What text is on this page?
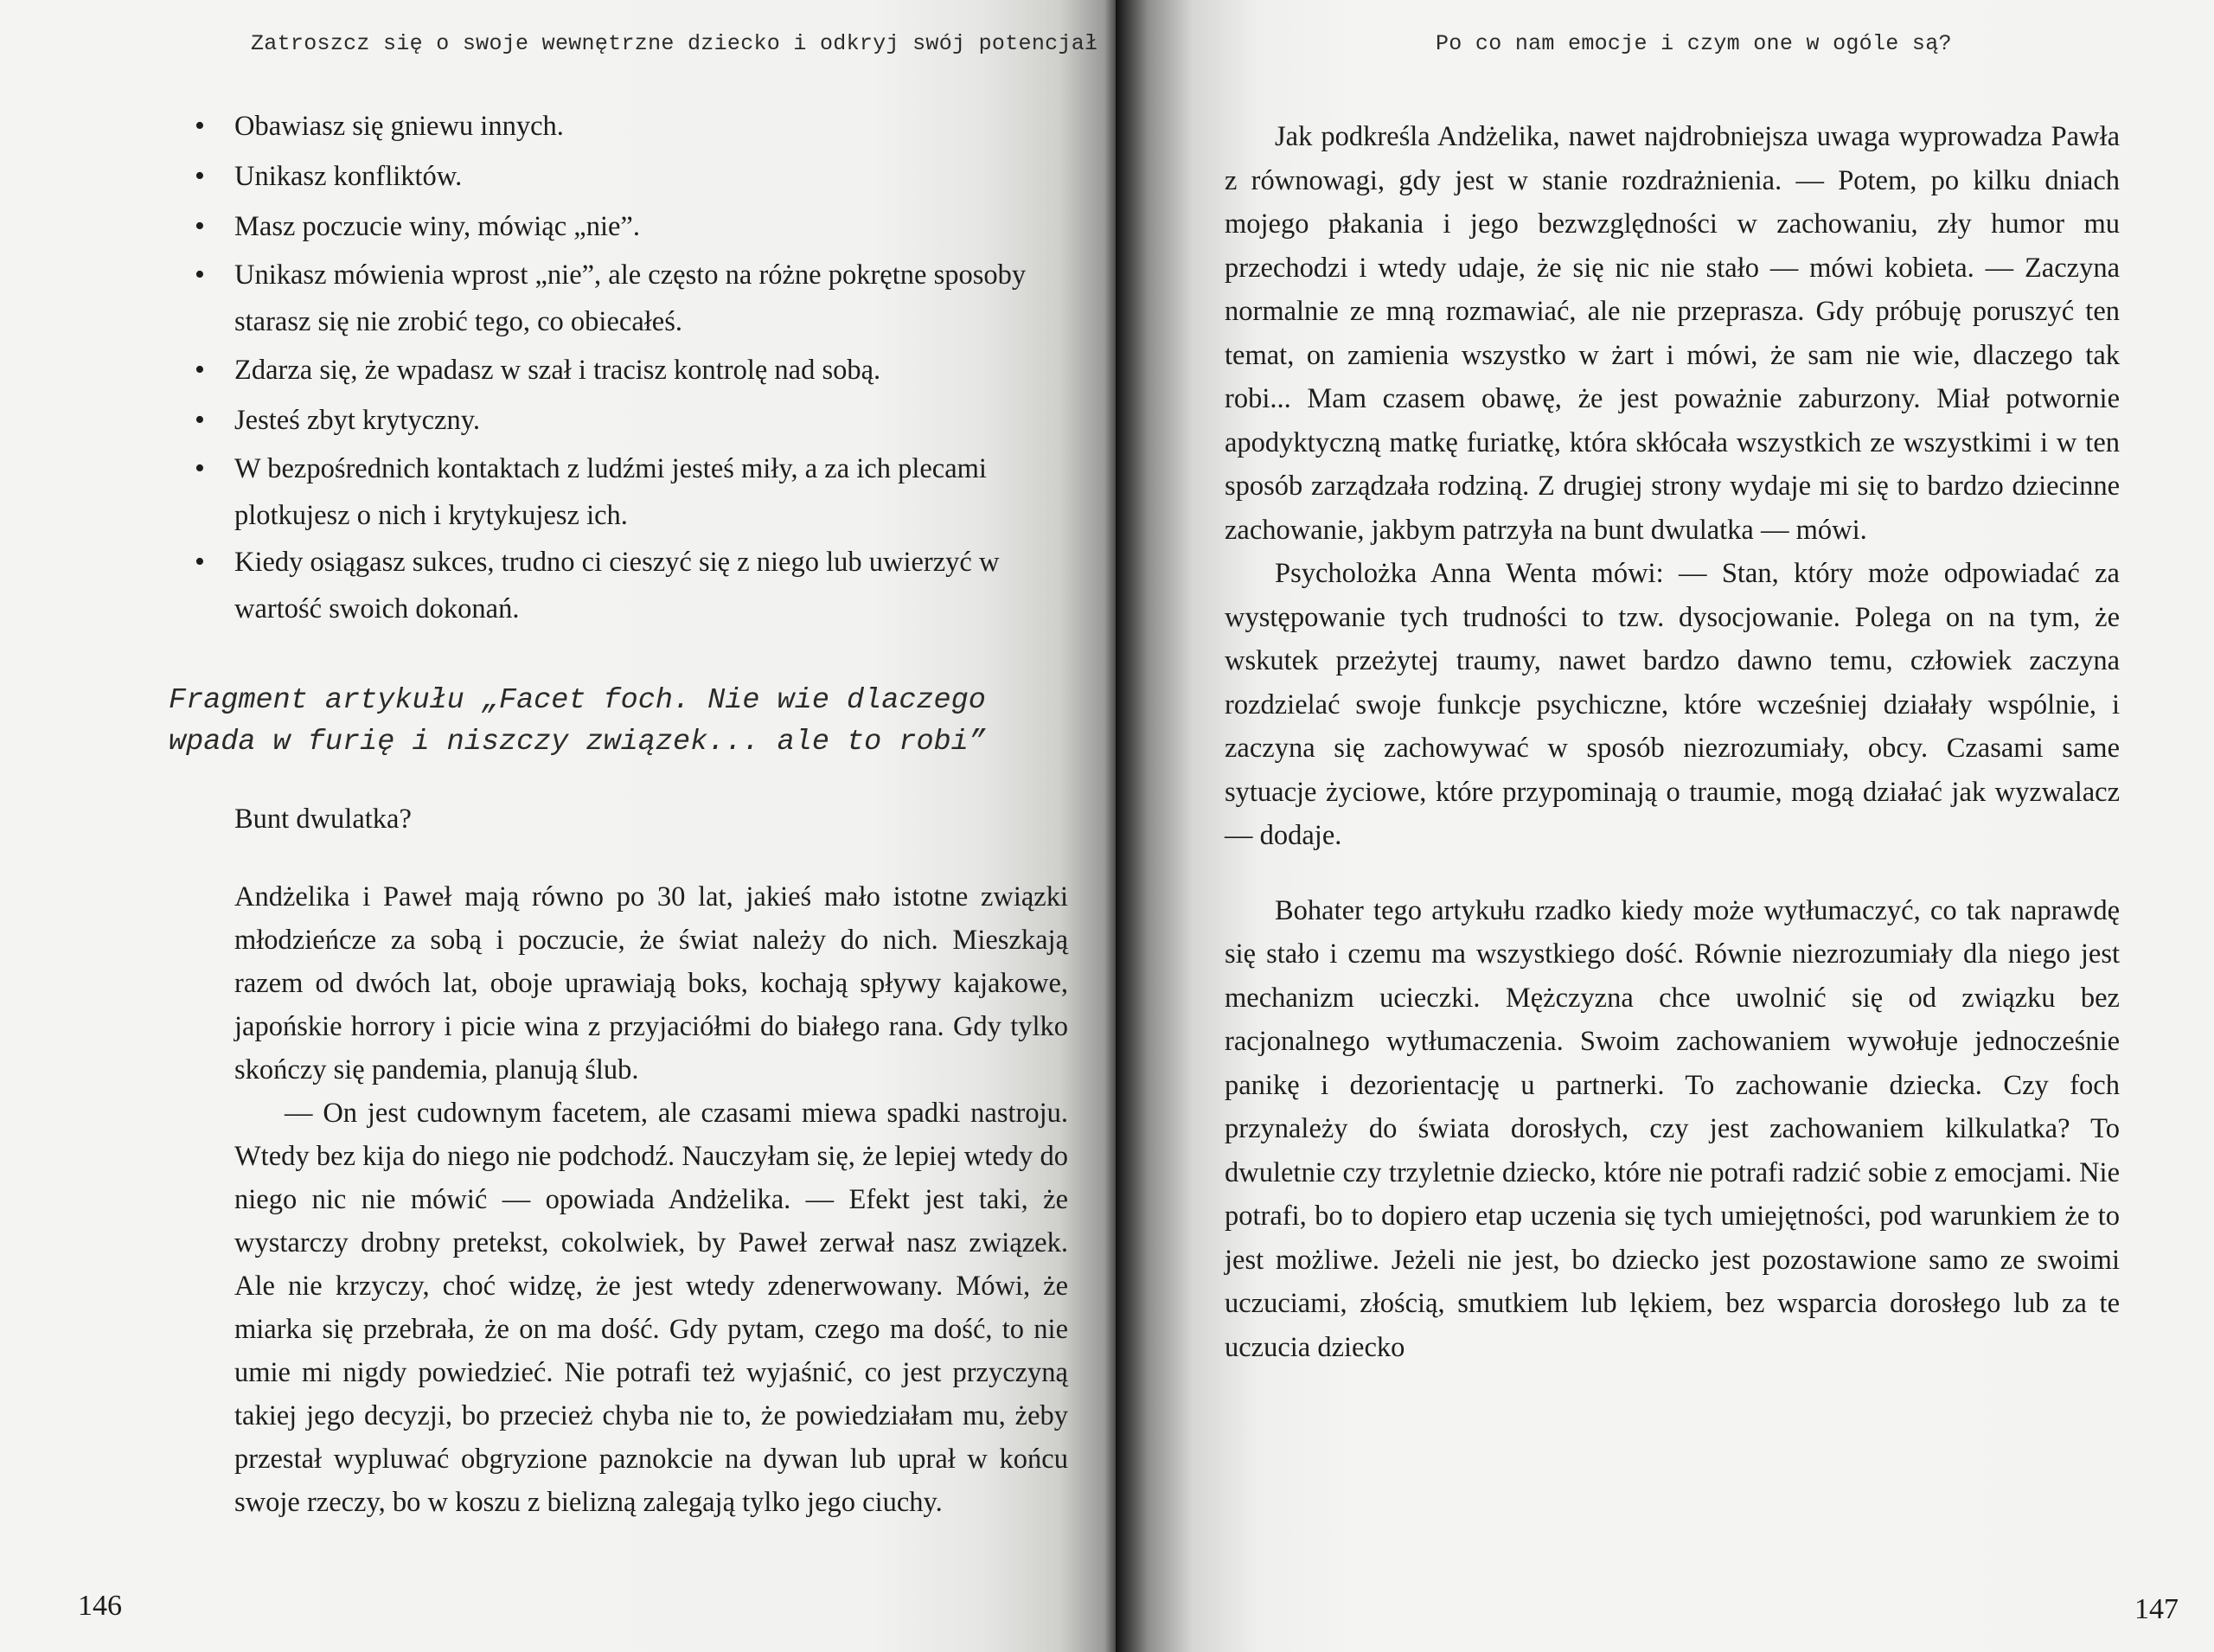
Zatroszcz się o swoje wewnętrzne dziecko i odkryj swój potencjał
• Obawiasz się gniewu innych.
• Unikasz konfliktów.
• Masz poczucie winy, mówiąc „nie”.
• Unikasz mówienia wprost „nie”, ale często na różne pokrętne sposoby starasz się nie zrobić tego, co obiecałeś.
• Zdarza się, że wpadasz w szał i tracisz kontrolę nad sobą.
• Jesteś zbyt krytyczny.
• W bezpośrednich kontaktach z ludźmi jesteś miły, a za ich plecami plotkujesz o nich i krytykujesz ich.
• Kiedy osiągasz sukces, trudno ci cieszyć się z niego lub uwierzyć w wartość swoich dokonań.
Fragment artykułu „Facet foch. Nie wie dlaczego
wpada w furię i niszczy związek... ale to robi”
Bunt dwulatka?

Andżelika i Paweł mają równo po 30 lat, jakieś mało istotne związki młodzieńcze za sobą i poczucie, że świat należy do nich. Mieszkają razem od dwóch lat, oboje uprawiają boks, kochają spływy kajakowe, japońskie horrory i picie wina z przyjaciółmi do białego rana. Gdy tylko skończy się pandemia, planują ślub.

— On jest cudownym facetem, ale czasami miewa spadki nastroju. Wtedy bez kija do niego nie podchodź. Nauczyłam się, że lepiej wtedy do niego nic nie mówić — opowiada Andżelika. — Efekt jest taki, że wystarczy drobny pretekst, cokolwiek, by Paweł zerwał nasz związek. Ale nie krzyczy, choć widzę, że jest wtedy zdenerwowany. Mówi, że miarka się przebrała, że on ma dość. Gdy pytam, czego ma dość, to nie umie mi nigdy powiedzieć. Nie potrafi też wyjaśnić, co jest przyczyną takiej jego decyzji, bo przecież chyba nie to, że powiedziałam mu, żeby przestał wypluwać obgryzione paznokcie na dywan lub uprał w końcu swoje rzeczy, bo w koszu z bielizną zalegają tylko jego ciuchy.

146
Po co nam emocje i czym one w ogóle są?
147

Jak podkreśla Andżelika, nawet najdrobniejsza uwaga wyprowadza Pawła z równowagi, gdy jest w stanie rozdrażnienia. — Potem, po kilku dniach mojego płakania i jego bezwzględności w zachowaniu, zły humor mu przechodzi i wtedy udaje, że się nic nie stało — mówi kobieta. — Zaczyna normalnie ze mną rozmawiać, ale nie przeprasza. Gdy próbuję poruszyć ten temat, on zamienia wszystko w żart i mówi, że sam nie wie, dlaczego tak robi... Mam czasem obawę, że jest poważnie zaburzony. Miał potwornie apodyktyczną matkę furiatkę, która skłócała wszystkich ze wszystkimi i w ten sposób zarządzała rodziną. Z drugiej strony wydaje mi się to bardzo dziecinne zachowanie, jakbym patrzyła na bunt dwulatka — mówi.

Psycholożka Anna Wenta mówi: — Stan, który może odpowiadać za występowanie tych trudności to tzw. dysocjowanie. Polega on na tym, że wskutek przeżytej traumy, nawet bardzo dawno temu, człowiek zaczyna rozdzielać swoje funkcje psychiczne, które wcześniej działały wspólnie, i zaczyna się zachowywać w sposób niezrozumiały, obcy. Czasami same sytuacje życiowe, które przypominają o traumie, mogą działać jak wyzwalacz — dodaje.

Bohater tego artykułu rzadko kiedy może wytłumaczyć, co tak naprawdę się stało i czemu ma wszystkiego dość. Równie niezrozumiały dla niego jest mechanizm ucieczki. Mężczyzna chce uwolnić się od związku bez racjonalnego wytłumaczenia. Swoim zachowaniem wywołuje jednocześnie panikę i dezorientację u partnerki. To zachowanie dziecka. Czy foch przynależy do świata dorosłych, czy jest zachowaniem kilkulatka? To dwuletnie czy trzyletnie dziecko, które nie potrafi radzić sobie z emocjami. Nie potrafi, bo to dopiero etap uczenia się tych umiejętności, pod warunkiem że to jest możliwe. Jeżeli nie jest, bo dziecko jest pozostawione samo ze swoimi uczuciami, złością, smutkiem lub lękiem, bez wsparcia dorosłego lub za te uczucia dziecko
